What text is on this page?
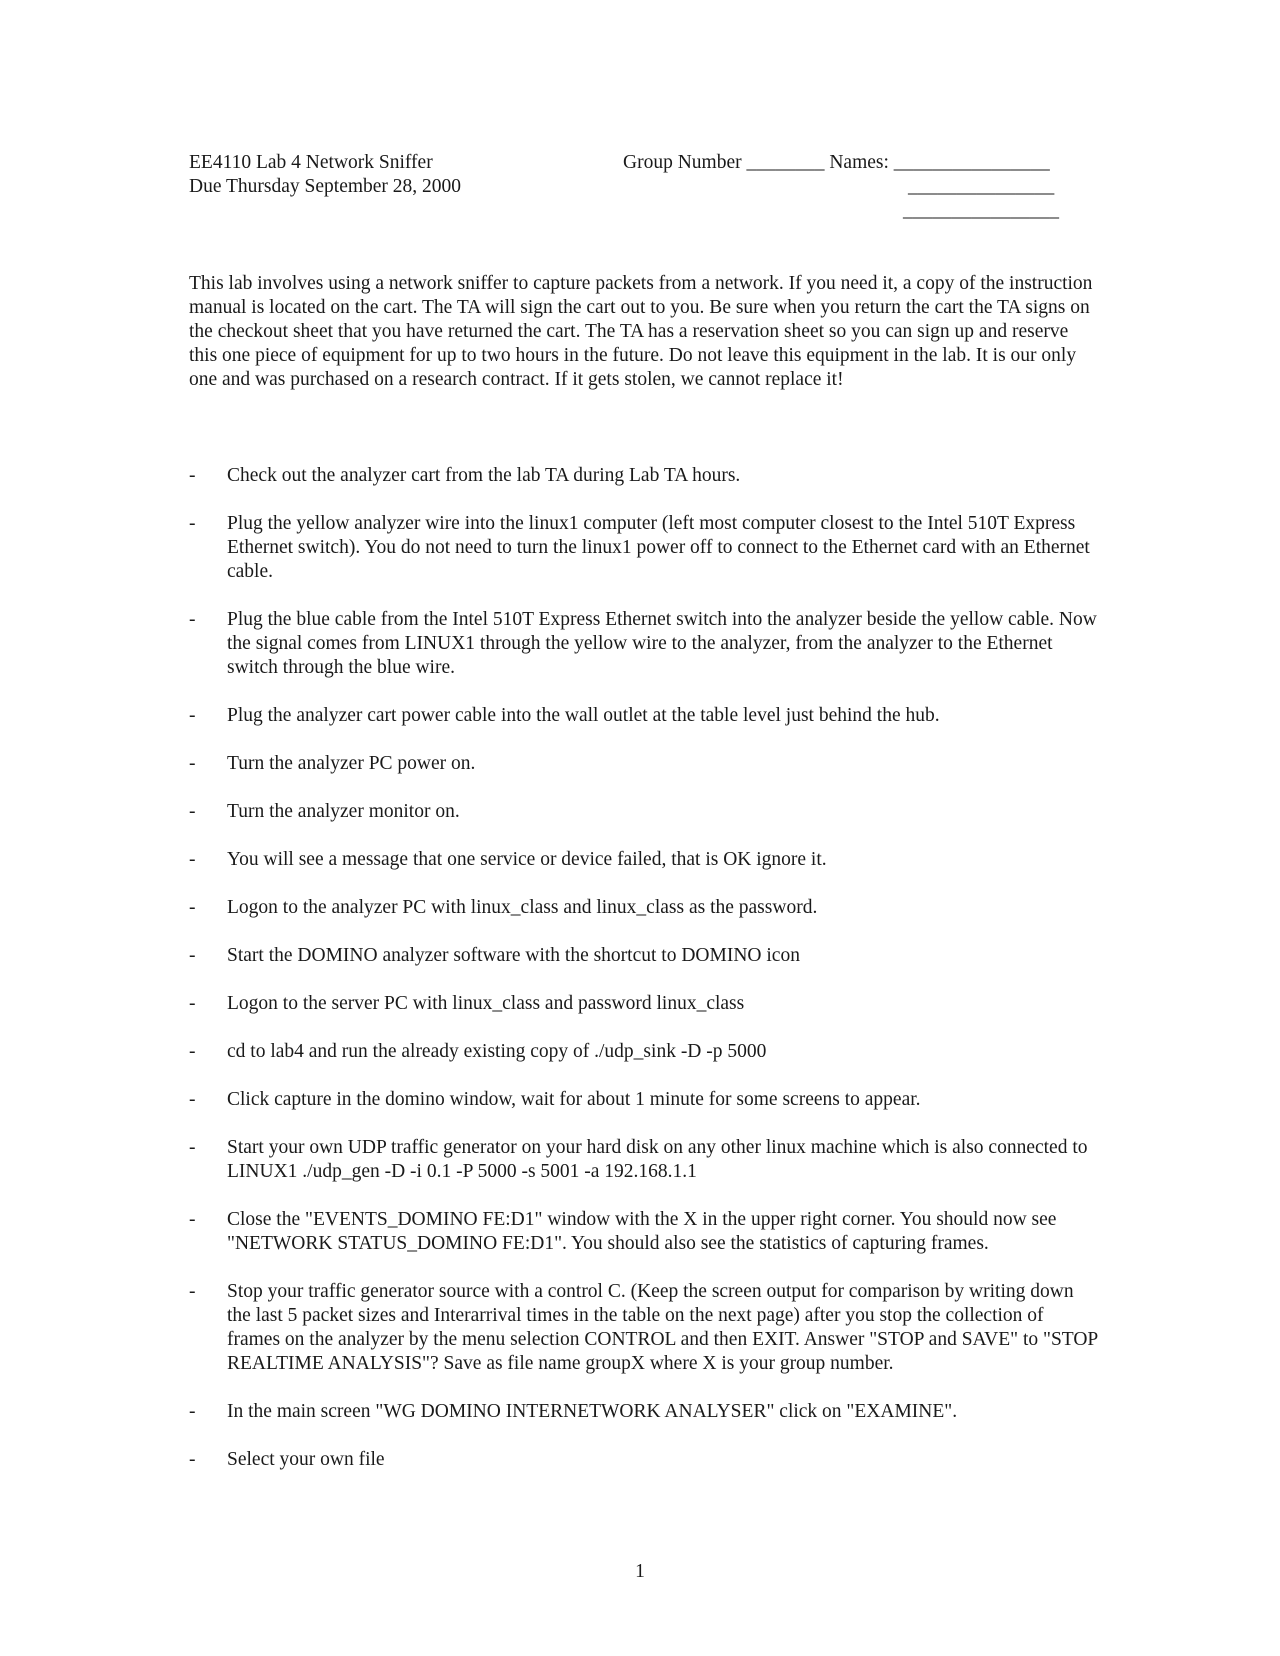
EE4110 Lab 4 Network Sniffer
Due Thursday September 28, 2000
Group Number ________ Names: ________________
_______________
________________

This lab involves using a network sniffer to capture packets from a network. If you need it, a copy of the instruction manual is located on the cart. The TA will sign the cart out to you. Be sure when you return the cart the TA signs on the checkout sheet that you have returned the cart. The TA has a reservation sheet so you can sign up and reserve this one piece of equipment for up to two hours in the future. Do not leave this equipment in the lab. It is our only one and was purchased on a research contract. If it gets stolen, we cannot replace it!

- Check out the analyzer cart from the lab TA during Lab TA hours.
- Plug the yellow analyzer wire into the linux1 computer (left most computer closest to the Intel 510T Express Ethernet switch). You do not need to turn the linux1 power off to connect to the Ethernet card with an Ethernet cable.
- Plug the blue cable from the Intel 510T Express Ethernet switch into the analyzer beside the yellow cable. Now the signal comes from LINUX1 through the yellow wire to the analyzer, from the analyzer to the Ethernet switch through the blue wire.
- Plug the analyzer cart power cable into the wall outlet at the table level just behind the hub.
- Turn the analyzer PC power on.
- Turn the analyzer monitor on.
- You will see a message that one service or device failed, that is OK ignore it.
- Logon to the analyzer PC with linux_class and linux_class as the password.
- Start the DOMINO analyzer software with the shortcut to DOMINO icon
- Logon to the server PC with linux_class and password linux_class
- cd to lab4 and run the already existing copy of ./udp_sink -D -p 5000
- Click capture in the domino window, wait for about 1 minute for some screens to appear.
- Start your own UDP traffic generator on your hard disk on any other linux machine which is also connected to LINUX1 ./udp_gen -D -i 0.1 -P 5000 -s 5001 -a 192.168.1.1
- Close the "EVENTS_DOMINO FE:D1" window with the X in the upper right corner. You should now see "NETWORK STATUS_DOMINO FE:D1". You should also see the statistics of capturing frames.
- Stop your traffic generator source with a control C. (Keep the screen output for comparison by writing down the last 5 packet sizes and Interarrival times in the table on the next page) after you stop the collection of frames on the analyzer by the menu selection CONTROL and then EXIT. Answer "STOP and SAVE" to "STOP REALTIME ANALYSIS"? Save as file name groupX where X is your group number.
- In the main screen "WG DOMINO INTERNETWORK ANALYSER" click on "EXAMINE".
- Select your own file
1
